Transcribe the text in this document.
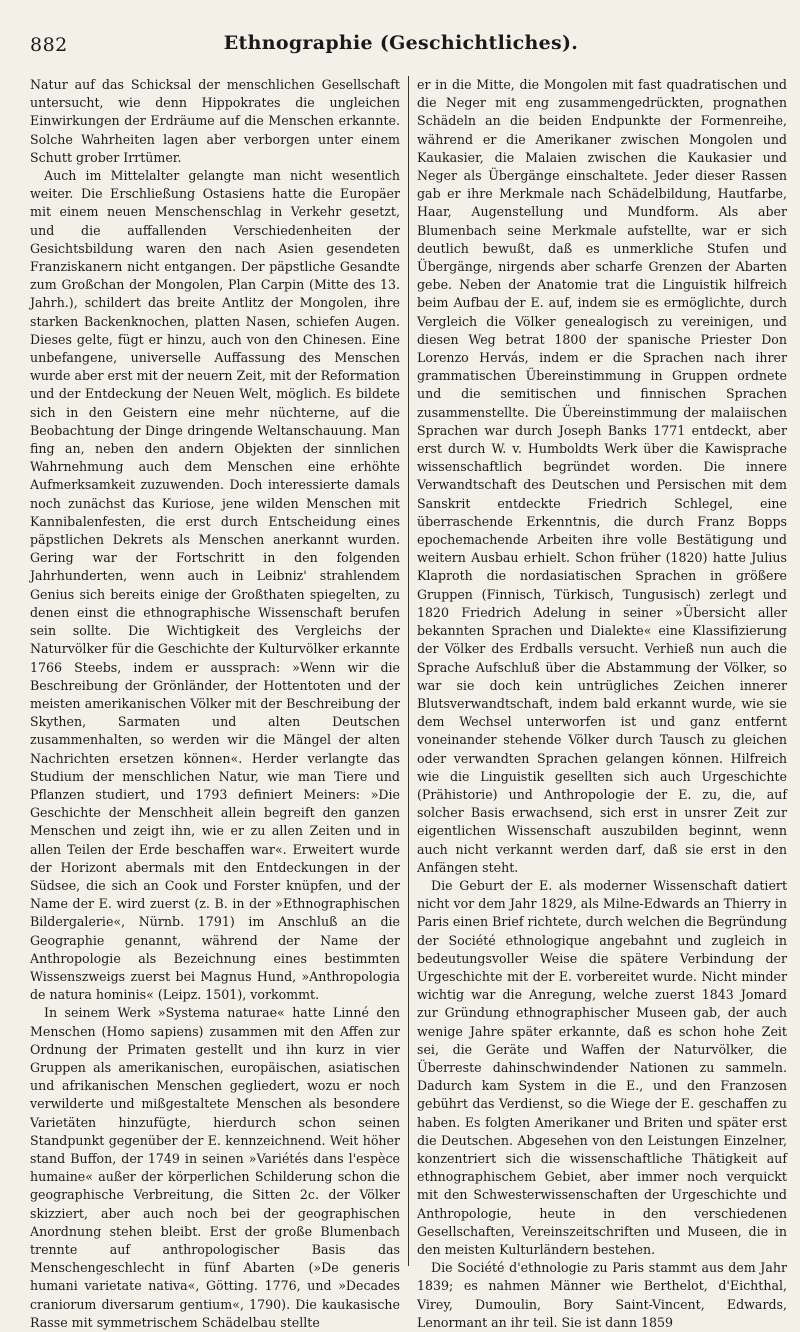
882	Ethnographie (Geschichtliches).

Natur auf das Schicksal der menschlichen Gesellschaft untersucht, wie denn Hippokrates die ungleichen Einwirkungen der Erdräume auf die Menschen erkannte. Solche Wahrheiten lagen aber verborgen unter einem Schutt grober Irrtümer.

Auch im Mittelalter gelangte man nicht wesentlich weiter. Die Erschließung Ostasiens hatte die Europäer mit einem neuen Menschenschlag in Verkehr gesetzt, und die auffallenden Verschiedenheiten der Gesichtsbildung waren den nach Asien gesendeten Franziskanern nicht entgangen. Der päpstliche Gesandte zum Großchan der Mongolen, Plan Carpin (Mitte des 13. Jahrh.), schildert das breite Antlitz der Mongolen, ihre starken Backenknochen, platten Nasen, schiefen Augen. Dieses gelte, fügt er hinzu, auch von den Chinesen. Eine unbefangene, universelle Auffassung des Menschen wurde aber erst mit der neuern Zeit, mit der Reformation und der Entdeckung der Neuen Welt, möglich. Es bildete sich in den Geistern eine mehr nüchterne, auf die Beobachtung der Dinge dringende Weltanschauung. Man fing an, neben den andern Objekten der sinnlichen Wahrnehmung auch dem Menschen eine erhöhte Aufmerksamkeit zuzuwenden. Doch interessierte damals noch zunächst das Kuriose, jene wilden Menschen mit Kannibalenfesten, die erst durch Entscheidung eines päpstlichen Dekrets als Menschen anerkannt wurden. Gering war der Fortschritt in den folgenden Jahrhunderten, wenn auch in Leibniz' strahlendem Genius sich bereits einige der Großthaten spiegelten, zu denen einst die ethnographische Wissenschaft berufen sein sollte. Die Wichtigkeit des Vergleichs der Naturvölker für die Geschichte der Kulturvölker erkannte 1766 Steebs, indem er aussprach: »Wenn wir die Beschreibung der Grönländer, der Hottentoten und der meisten amerikanischen Völker mit der Beschreibung der Skythen, Sarmaten und alten Deutschen zusammenhalten, so werden wir die Mängel der alten Nachrichten ersetzen können«. Herder verlangte das Studium der menschlichen Natur, wie man Tiere und Pflanzen studiert, und 1793 definiert Meiners: »Die Geschichte der Menschheit allein begreift den ganzen Menschen und zeigt ihn, wie er zu allen Zeiten und in allen Teilen der Erde beschaffen war«. Erweitert wurde der Horizont abermals mit den Entdeckungen in der Südsee, die sich an Cook und Forster knüpfen, und der Name der E. wird zuerst (z. B. in der »Ethnographischen Bildergalerie«, Nürnb. 1791) im Anschluß an die Geographie genannt, während der Name der Anthropologie als Bezeichnung eines bestimmten Wissenszweigs zuerst bei Magnus Hund, »Anthropologia de natura hominis« (Leipz. 1501), vorkommt.

In seinem Werk »Systema naturae« hatte Linné den Menschen (Homo sapiens) zusammen mit den Affen zur Ordnung der Primaten gestellt und ihn kurz in vier Gruppen als amerikanischen, europäischen, asiatischen und afrikanischen Menschen gegliedert, wozu er noch verwilderte und mißgestaltete Menschen als besondere Varietäten hinzufügte, hierdurch schon seinen Standpunkt gegenüber der E. kennzeichnend. Weit höher stand Buffon, der 1749 in seinen »Variétés dans l'espèce humaine« außer der körperlichen Schilderung schon die geographische Verbreitung, die Sitten 2c. der Völker skizziert, aber auch noch bei der geographischen Anordnung stehen bleibt. Erst der große Blumenbach trennte auf anthropologischer Basis das Menschengeschlecht in fünf Abarten (»De generis humani varietate nativa«, Götting. 1776, und »Decades craniorum diversarum gentium«, 1790). Die kaukasische Rasse mit symmetrischem Schädelbau stellte

er in die Mitte, die Mongolen mit fast quadratischen und die Neger mit eng zusammengedrückten, prognathen Schädeln an die beiden Endpunkte der Formenreihe, während er die Amerikaner zwischen Mongolen und Kaukasier, die Malaien zwischen die Kaukasier und Neger als Übergänge einschaltete. Jeder dieser Rassen gab er ihre Merkmale nach Schädelbildung, Hautfarbe, Haar, Augenstellung und Mundform. Als aber Blumenbach seine Merkmale aufstellte, war er sich deutlich bewußt, daß es unmerkliche Stufen und Übergänge, nirgends aber scharfe Grenzen der Abarten gebe. Neben der Anatomie trat die Linguistik hilfreich beim Aufbau der E. auf, indem sie es ermöglichte, durch Vergleich die Völker genealogisch zu vereinigen, und diesen Weg betrat 1800 der spanische Priester Don Lorenzo Hervás, indem er die Sprachen nach ihrer grammatischen Übereinstimmung in Gruppen ordnete und die semitischen und finnischen Sprachen zusammenstellte. Die Übereinstimmung der malaiischen Sprachen war durch Joseph Banks 1771 entdeckt, aber erst durch W. v. Humboldts Werk über die Kawisprache wissenschaftlich begründet worden. Die innere Verwandtschaft des Deutschen und Persischen mit dem Sanskrit entdeckte Friedrich Schlegel, eine überraschende Erkenntnis, die durch Franz Bopps epochemachende Arbeiten ihre volle Bestätigung und weitern Ausbau erhielt. Schon früher (1820) hatte Julius Klaproth die nordasiatischen Sprachen in größere Gruppen (Finnisch, Türkisch, Tungusisch) zerlegt und 1820 Friedrich Adelung in seiner »Übersicht aller bekannten Sprachen und Dialekte« eine Klassifizierung der Völker des Erdballs versucht. Verhieß nun auch die Sprache Aufschluß über die Abstammung der Völker, so war sie doch kein untrügliches Zeichen innerer Blutsverwandtschaft, indem bald erkannt wurde, wie sie dem Wechsel unterworfen ist und ganz entfernt voneinander stehende Völker durch Tausch zu gleichen oder verwandten Sprachen gelangen können. Hilfreich wie die Linguistik gesellten sich auch Urgeschichte (Prähistorie) und Anthropologie der E. zu, die, auf solcher Basis erwachsend, sich erst in unsrer Zeit zur eigentlichen Wissenschaft auszubilden beginnt, wenn auch nicht verkannt werden darf, daß sie erst in den Anfängen steht.

Die Geburt der E. als moderner Wissenschaft datiert nicht vor dem Jahr 1829, als Milne-Edwards an Thierry in Paris einen Brief richtete, durch welchen die Begründung der Société ethnologique angebahnt und zugleich in bedeutungsvoller Weise die spätere Verbindung der Urgeschichte mit der E. vorbereitet wurde. Nicht minder wichtig war die Anregung, welche zuerst 1843 Jomard zur Gründung ethnographischer Museen gab, der auch wenige Jahre später erkannte, daß es schon hohe Zeit sei, die Geräte und Waffen der Naturvölker, die Überreste dahinschwindender Nationen zu sammeln. Dadurch kam System in die E., und den Franzosen gebührt das Verdienst, so die Wiege der E. geschaffen zu haben. Es folgten Amerikaner und Briten und später erst die Deutschen. Abgesehen von den Leistungen Einzelner, konzentriert sich die wissenschaftliche Thätigkeit auf ethnographischem Gebiet, aber immer noch verquickt mit den Schwesterwissenschaften der Urgeschichte und Anthropologie, heute in den verschiedenen Gesellschaften, Vereinszeitschriften und Museen, die in den meisten Kulturländern bestehen.

Die Société d'ethnologie zu Paris stammt aus dem Jahr 1839; es nahmen Männer wie Berthelot, d'Eichthal, Virey, Dumoulin, Bory Saint-Vincent, Edwards, Lenormant an ihr teil. Sie ist dann 1859
